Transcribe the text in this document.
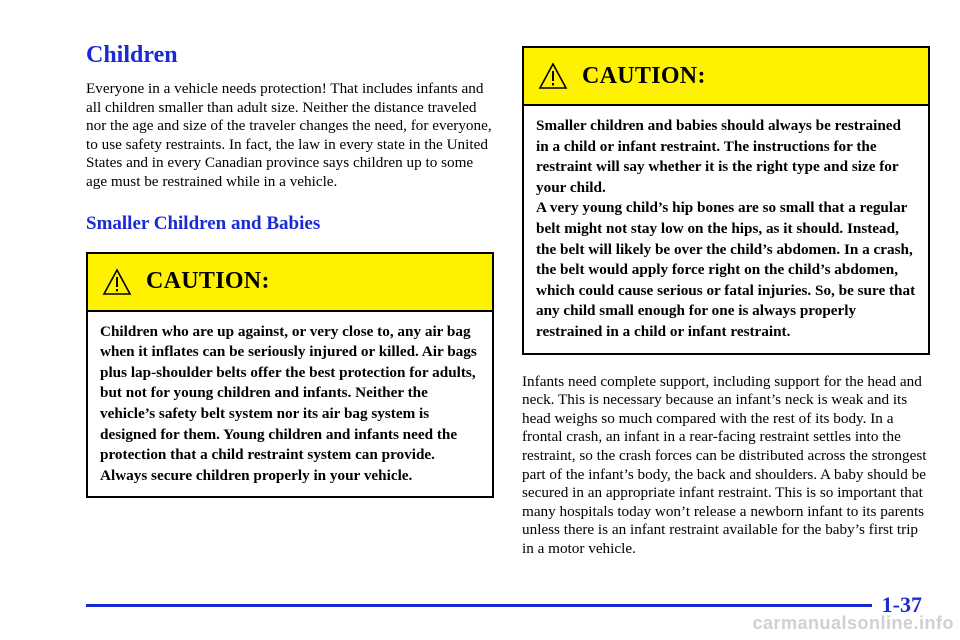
Children

Everyone in a vehicle needs protection! That includes infants and all children smaller than adult size. Neither the distance traveled nor the age and size of the traveler changes the need, for everyone, to use safety restraints. In fact, the law in every state in the United States and in every Canadian province says children up to some age must be restrained while in a vehicle.

Smaller Children and Babies
CAUTION:

Children who are up against, or very close to, any air bag when it inflates can be seriously injured or killed. Air bags plus lap-shoulder belts offer the best protection for adults, but not for young children and infants. Neither the vehicle’s safety belt system nor its air bag system is designed for them. Young children and infants need the protection that a child restraint system can provide. Always secure children properly in your vehicle.

CAUTION:

Smaller children and babies should always be restrained in a child or infant restraint. The instructions for the restraint will say whether it is the right type and size for your child.

A very young child’s hip bones are so small that a regular belt might not stay low on the hips, as it should. Instead, the belt will likely be over the child’s abdomen. In a crash, the belt would apply force right on the child’s abdomen, which could cause serious or fatal injuries. So, be sure that any child small enough for one is always properly restrained in a child or infant restraint.

Infants need complete support, including support for the head and neck. This is necessary because an infant’s neck is weak and its head weighs so much compared with the rest of its body. In a frontal crash, an infant in a rear-facing restraint settles into the restraint, so the crash forces can be distributed across the strongest part of the infant’s body, the back and shoulders. A baby should be secured in an appropriate infant restraint. This is so important that many hospitals today won’t release a newborn infant to its parents unless there is an infant restraint available for the baby’s first trip in a motor vehicle.

1-37
carmanualsonline.info
